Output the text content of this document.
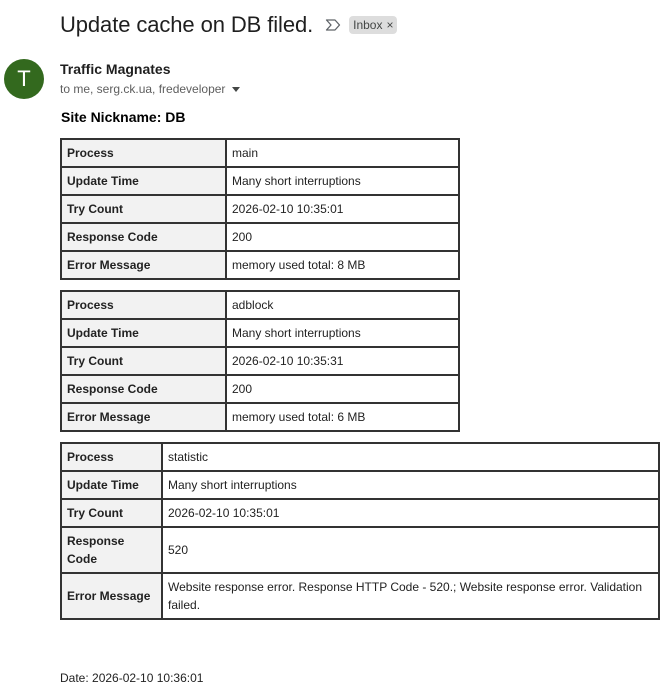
Update cache on DB filed.	Inbox ×
T Traffic Magnates
to me, serg.ck.ua, fredeveloper
Site Nickname: DB
Process	main
Update Time	Many short interruptions
Try Count	2026-02-10 10:35:01
Response Code	200
Error Message	memory used total: 8 MB
Process	adblock
Update Time	Many short interruptions
Try Count	2026-02-10 10:35:31
Response Code	200
Error Message	memory used total: 6 MB
Process	statistic
Update Time	Many short interruptions
Try Count	2026-02-10 10:35:01
Response Code	520
Error Message	Website response error. Response HTTP Code - 520.; Website response error. Validation failed.
Date: 2026-02-10 10:36:01
